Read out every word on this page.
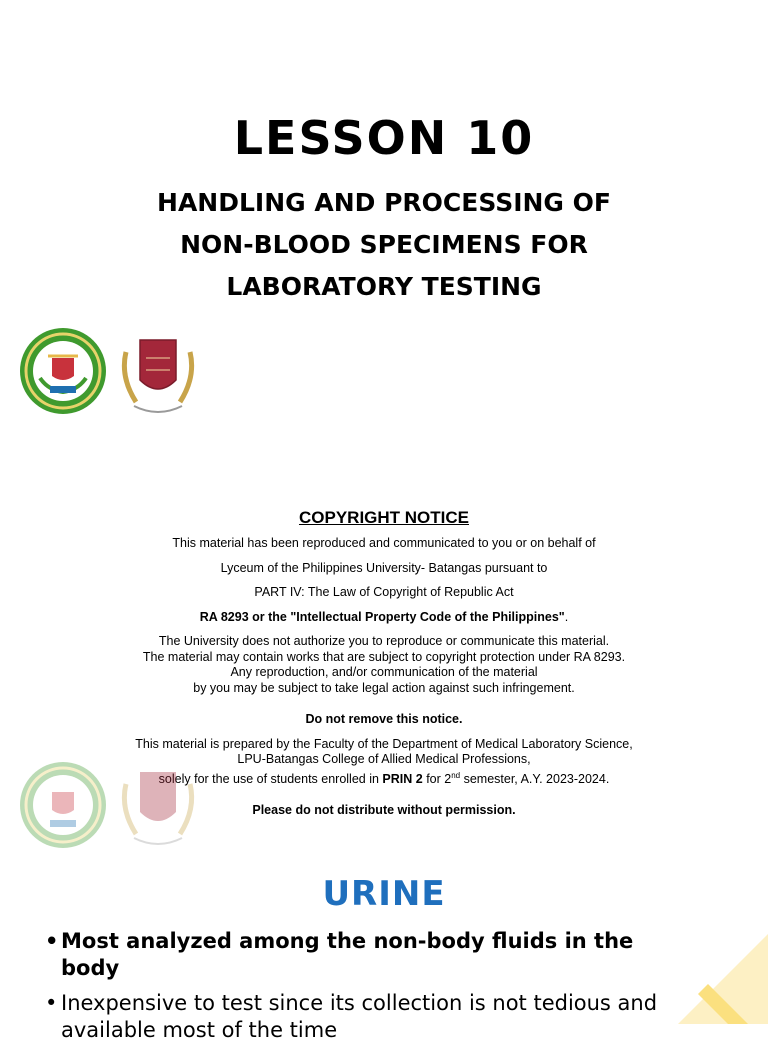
LESSON 10
HANDLING AND PROCESSING OF
NON-BLOOD SPECIMENS FOR
LABORATORY TESTING
COPYRIGHT NOTICE
This material has been reproduced and communicated to you or on behalf of
Lyceum of the Philippines University- Batangas pursuant to
PART IV: The Law of Copyright of Republic Act
RA 8293 or the "Intellectual Property Code of the Philippines".
The University does not authorize you to reproduce or communicate this material.
The material may contain works that are subject to copyright protection under RA 8293.
Any reproduction, and/or communication of the material
by you may be subject to take legal action against such infringement.
Do not remove this notice.
This material is prepared by the Faculty of the Department of Medical Laboratory Science,
LPU-Batangas College of Allied Medical Professions,
solely for the use of students enrolled in PRIN 2 for 2nd semester, A.Y. 2023-2024.
Please do not distribute without permission.
URINE
• Most analyzed among the non-body fluids in the body
• Inexpensive to test since its collection is not tedious and available most of the time
